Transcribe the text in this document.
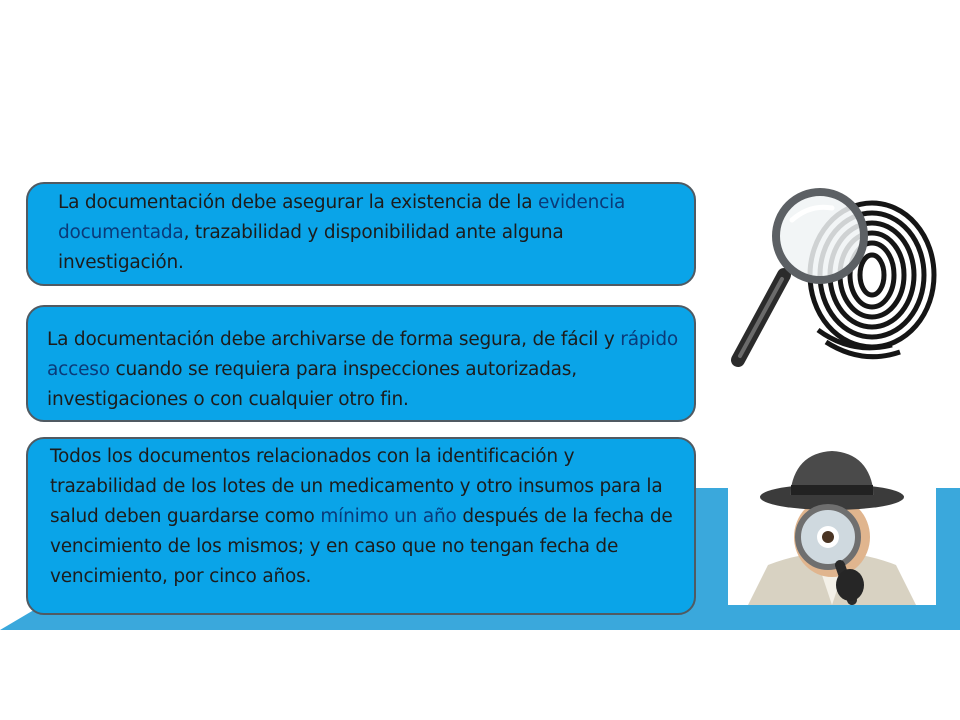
La documentación debe asegurar la existencia de la evidencia documentada, trazabilidad y disponibilidad ante alguna investigación.

La documentación debe archivarse de forma segura, de fácil y rápido acceso cuando se requiera para inspecciones autorizadas, investigaciones o con cualquier otro fin.

Todos los documentos relacionados con la identificación y trazabilidad de los lotes de un medicamento y otro insumos para la salud deben guardarse como mínimo un año después de la fecha de vencimiento de los mismos; y en caso que no tengan fecha de vencimiento, por cinco años.
